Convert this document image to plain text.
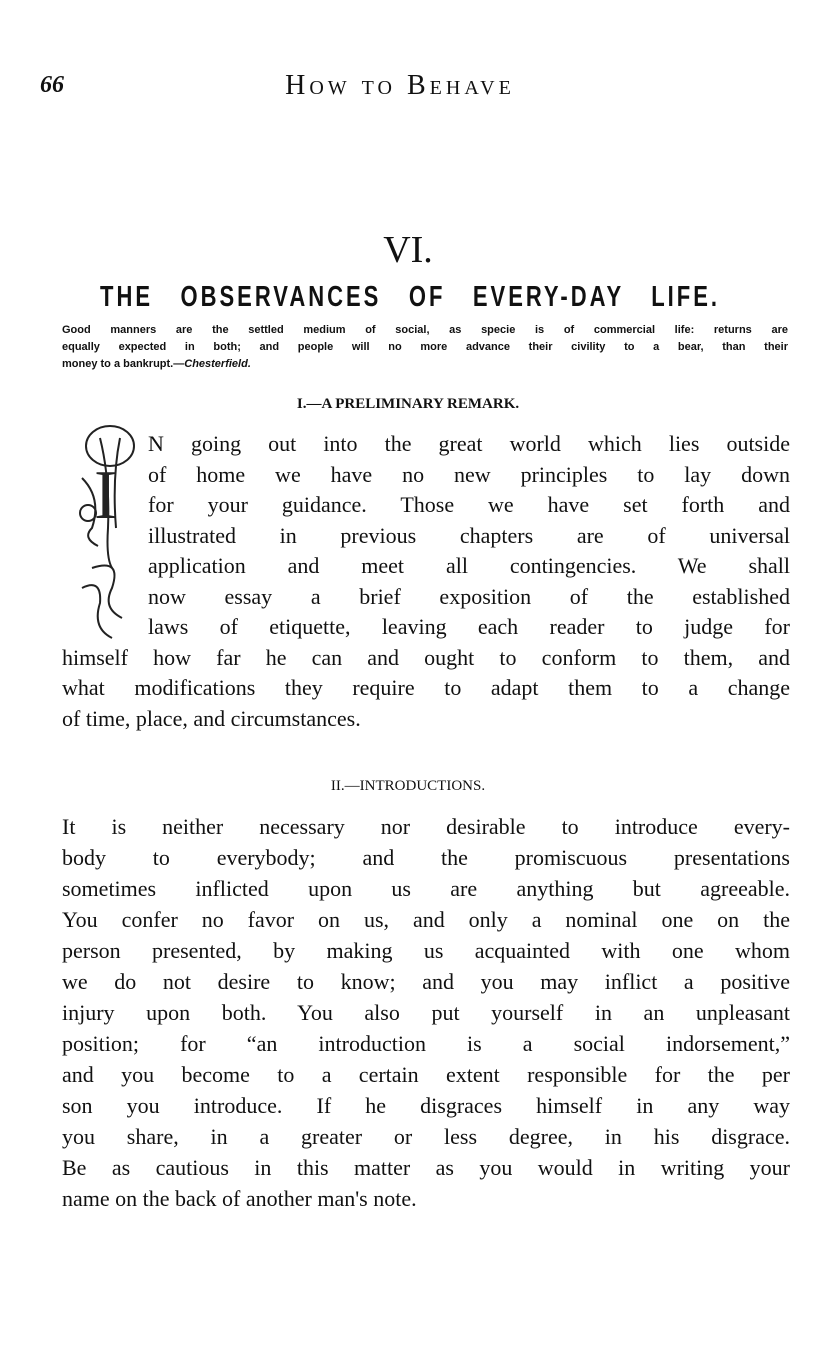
66	How to Behave
VI.
THE OBSERVANCES OF EVERY-DAY LIFE.
Good manners are the settled medium of social, as specie is of commercial life: returns are
equally expected in both; and people will no more advance their civility to a bear, than their
money to a bankrupt.—Chesterfield.
I.—A PRELIMINARY REMARK.
I
II.—INTRODUCTIONS.
N going out into the great world which lies outside
of home we have no new principles to lay down
for your guidance. Those we have set forth and
illustrated in previous chapters are of universal
application and meet all contingencies. We shall
now essay a brief exposition of the established
laws of etiquette, leaving each reader to judge for
himself how far he can and ought to conform to them, and
what modifications they require to adapt them to a change
of time, place, and circumstances.
It is neither necessary nor desirable to introduce every-
body to everybody; and the promiscuous presentations
sometimes inflicted upon us are anything but agreeable.
You confer no favor on us, and only a nominal one on the
person presented, by making us acquainted with one whom
we do not desire to know; and you may inflict a positive
injury upon both. You also put yourself in an unpleasant
position; for “an introduction is a social indorsement,”
and you become to a certain extent responsible for the per
son you introduce. If he disgraces himself in any way
you share, in a greater or less degree, in his disgrace.
Be as cautious in this matter as you would in writing your
name on the back of another man's note.
